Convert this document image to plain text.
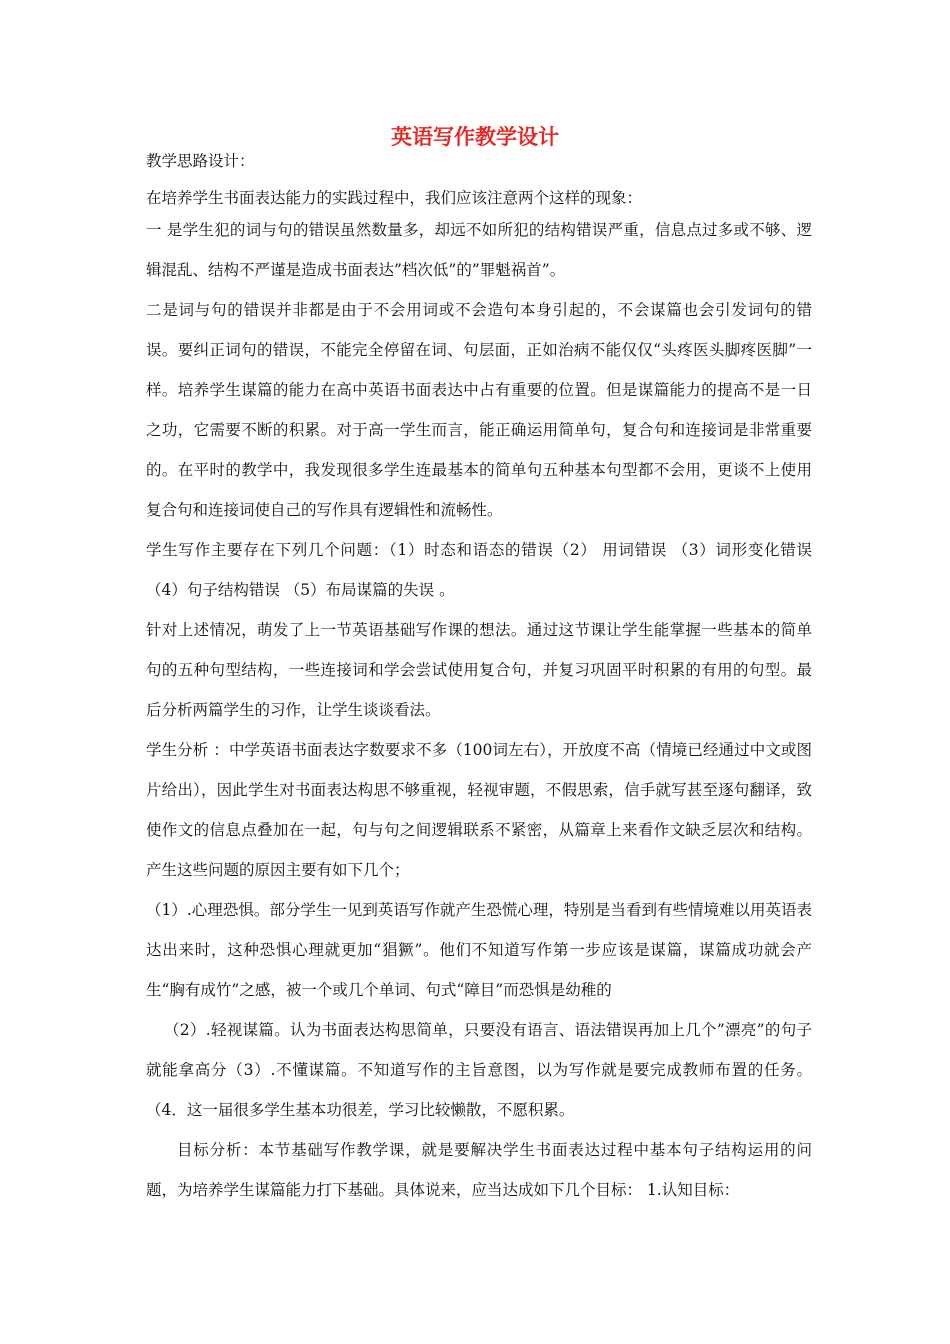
英语写作教学设计

教学思路设计：

在培养学生书面表达能力的实践过程中，我们应该注意两个这样的现象：

一 是学生犯的词与句的错误虽然数量多，却远不如所犯的结构错误严重，信息点过多或不够、逻辑混乱、结构不严谨是造成书面表达”档次低”的”罪魁祸首”。

二是词与句的错误并非都是由于不会用词或不会造句本身引起的，不会谋篇也会引发词句的错误。要纠正词句的错误，不能完全停留在词、句层面，正如治病不能仅仅“头疼医头脚疼医脚”一样。培养学生谋篇的能力在高中英语书面表达中占有重要的位置。但是谋篇能力的提高不是一日之功，它需要不断的积累。对于高一学生而言，能正确运用简单句，复合句和连接词是非常重要的。在平时的教学中，我发现很多学生连最基本的简单句五种基本句型都不会用，更谈不上使用复合句和连接词使自己的写作具有逻辑性和流畅性。

学生写作主要存在下列几个问题：（1）时态和语态的错误（2） 用词错误 （3）词形变化错误 （4）句子结构错误 （5）布局谋篇的失误 。

针对上述情况，萌发了上一节英语基础写作课的想法。通过这节课让学生能掌握一些基本的简单句的五种句型结构，一些连接词和学会尝试使用复合句，并复习巩固平时积累的有用的句型。最后分析两篇学生的习作，让学生谈谈看法。

学生分析 ：中学英语书面表达字数要求不多（100词左右），开放度不高（情境已经通过中文或图片给出），因此学生对书面表达构思不够重视，轻视审题，不假思索，信手就写甚至逐句翻译，致使作文的信息点叠加在一起，句与句之间逻辑联系不紧密，从篇章上来看作文缺乏层次和结构。产生这些问题的原因主要有如下几个；

（1）.心理恐惧。部分学生一见到英语写作就产生恐慌心理，特别是当看到有些情境难以用英语表达出来时，这种恐惧心理就更加“猖獗”。他们不知道写作第一步应该是谋篇，谋篇成功就会产生“胸有成竹”之感，被一个或几个单词、句式“障目”而恐惧是幼稚的

（2）.轻视谋篇。认为书面表达构思简单，只要没有语言、语法错误再加上几个”漂亮”的句子就能拿高分（3）.不懂谋篇。不知道写作的主旨意图，以为写作就是要完成教师布置的任务。（4．这一届很多学生基本功很差，学习比较懒散，不愿积累。

目标分析：本节基础写作教学课，就是要解决学生书面表达过程中基本句子结构运用的问题，为培养学生谋篇能力打下基础。具体说来，应当达成如下几个目标： 1.认知目标：
